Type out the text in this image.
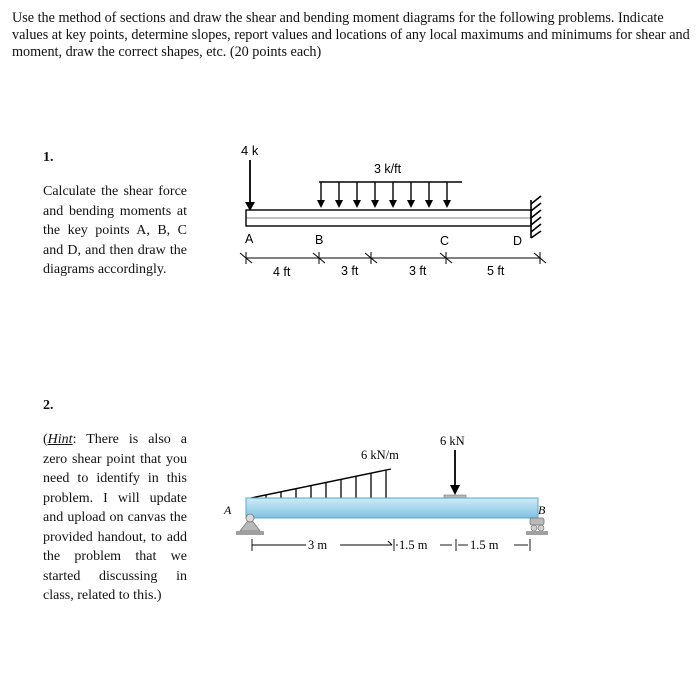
Use the method of sections and draw the shear and bending moment diagrams for the following problems. Indicate values at key points, determine slopes, report values and locations of any local maximums and minimums for shear and moment, draw the correct shapes, etc. (20 points each)
1.
Calculate the shear force and bending moments at the key points A, B, C and D, and then draw the diagrams accordingly.
4 k
3 k/ft
A	B	C	D
4 ft	3 ft	3 ft	5 ft
2.
(Hint: There is also a zero shear point that you need to identify in this problem. I will update and upload on canvas the provided handout, to add the problem that we started discussing in class, related to this.)
6 kN/m
6 kN
A	B
3 m	1.5 m	1.5 m
